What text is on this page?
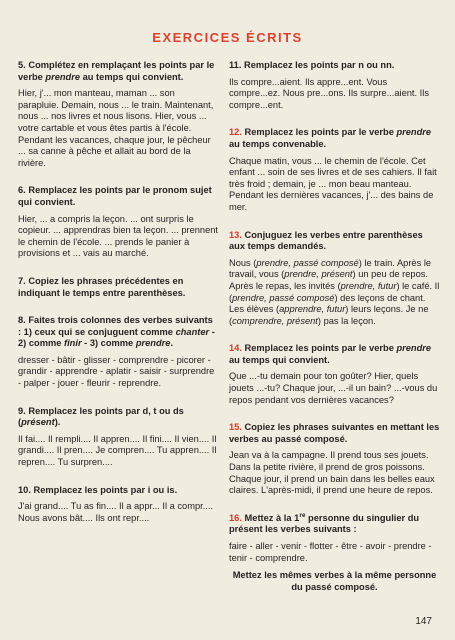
EXERCICES ÉCRITS

5. Complétez en remplaçant les points par le verbe prendre au temps qui convient.

Hier, j'... mon manteau, maman ... son parapluie. Demain, nous ... le train. Maintenant, nous ... nos livres et nous lisons. Hier, vous ... votre cartable et vous êtes partis à l'école. Pendant les vacances, chaque jour, le pêcheur ... sa canne à pêche et allait au bord de la rivière.

6. Remplacez les points par le pronom sujet qui convient.

Hier, ... a compris la leçon. ... ont surpris le copieur. ... apprendras bien ta leçon. ... prennent le chemin de l'école. ... prends le panier à provisions et ... vais au marché.

7. Copiez les phrases précédentes en indiquant le temps entre parenthèses.

8. Faites trois colonnes des verbes suivants : 1) ceux qui se conjuguent comme chanter - 2) comme finir - 3) comme prendre.

dresser - bâtir - glisser - comprendre - picorer - grandir - apprendre - aplatir - saisir - surprendre - palper - jouer - fleurir - reprendre.

9. Remplacez les points par d, t ou ds (présent).

Il fai.... Il rempli.... Il appren.... Il fini.... Il vien.... Il grandi.... Il pren.... Je compren.... Tu appren.... Il repren.... Tu surpren....

10. Remplacez les points par i ou is.

J'ai grand.... Tu as fin.... Il a appr... Il a compr.... Nous avons bât.... Ils ont repr....

11. Remplacez les points par n ou nn.

Ils compre...aient. Ils appre...ent. Vous compre...ez. Nous pre...ons. Ils surpre...aient. Ils compre...ent.

12. Remplacez les points par le verbe prendre au temps convenable.

Chaque matin, vous ... le chemin de l'école. Cet enfant ... soin de ses livres et de ses cahiers. Il fait très froid ; demain, je ... mon beau manteau. Pendant les dernières vacances, j'... des bains de mer.

13. Conjuguez les verbes entre parenthèses aux temps demandés.

Nous (prendre, passé composé) le train. Après le travail, vous (prendre, présent) un peu de repos. Après le repas, les invités (prendre, futur) le café. Il (prendre, passé composé) des leçons de chant. Les élèves (apprendre, futur) leurs leçons. Je ne (comprendre, présent) pas la leçon.

14. Remplacez les points par le verbe prendre au temps qui convient.

Que ...-tu demain pour ton goûter? Hier, quels jouets ...-tu? Chaque jour, ...-il un bain? ...-vous du repos pendant vos dernières vacances?

15. Copiez les phrases suivantes en mettant les verbes au passé composé.

Jean va à la campagne. Il prend tous ses jouets. Dans la petite rivière, il prend de gros poissons. Chaque jour, il prend un bain dans les belles eaux claires. L'après-midi, il prend une heure de repos.

16. Mettez à la 1re personne du singulier du présent les verbes suivants :

faire - aller - venir - flotter - être - avoir - prendre - tenir - comprendre.

Mettez les mêmes verbes à la même personne du passé composé.

147
